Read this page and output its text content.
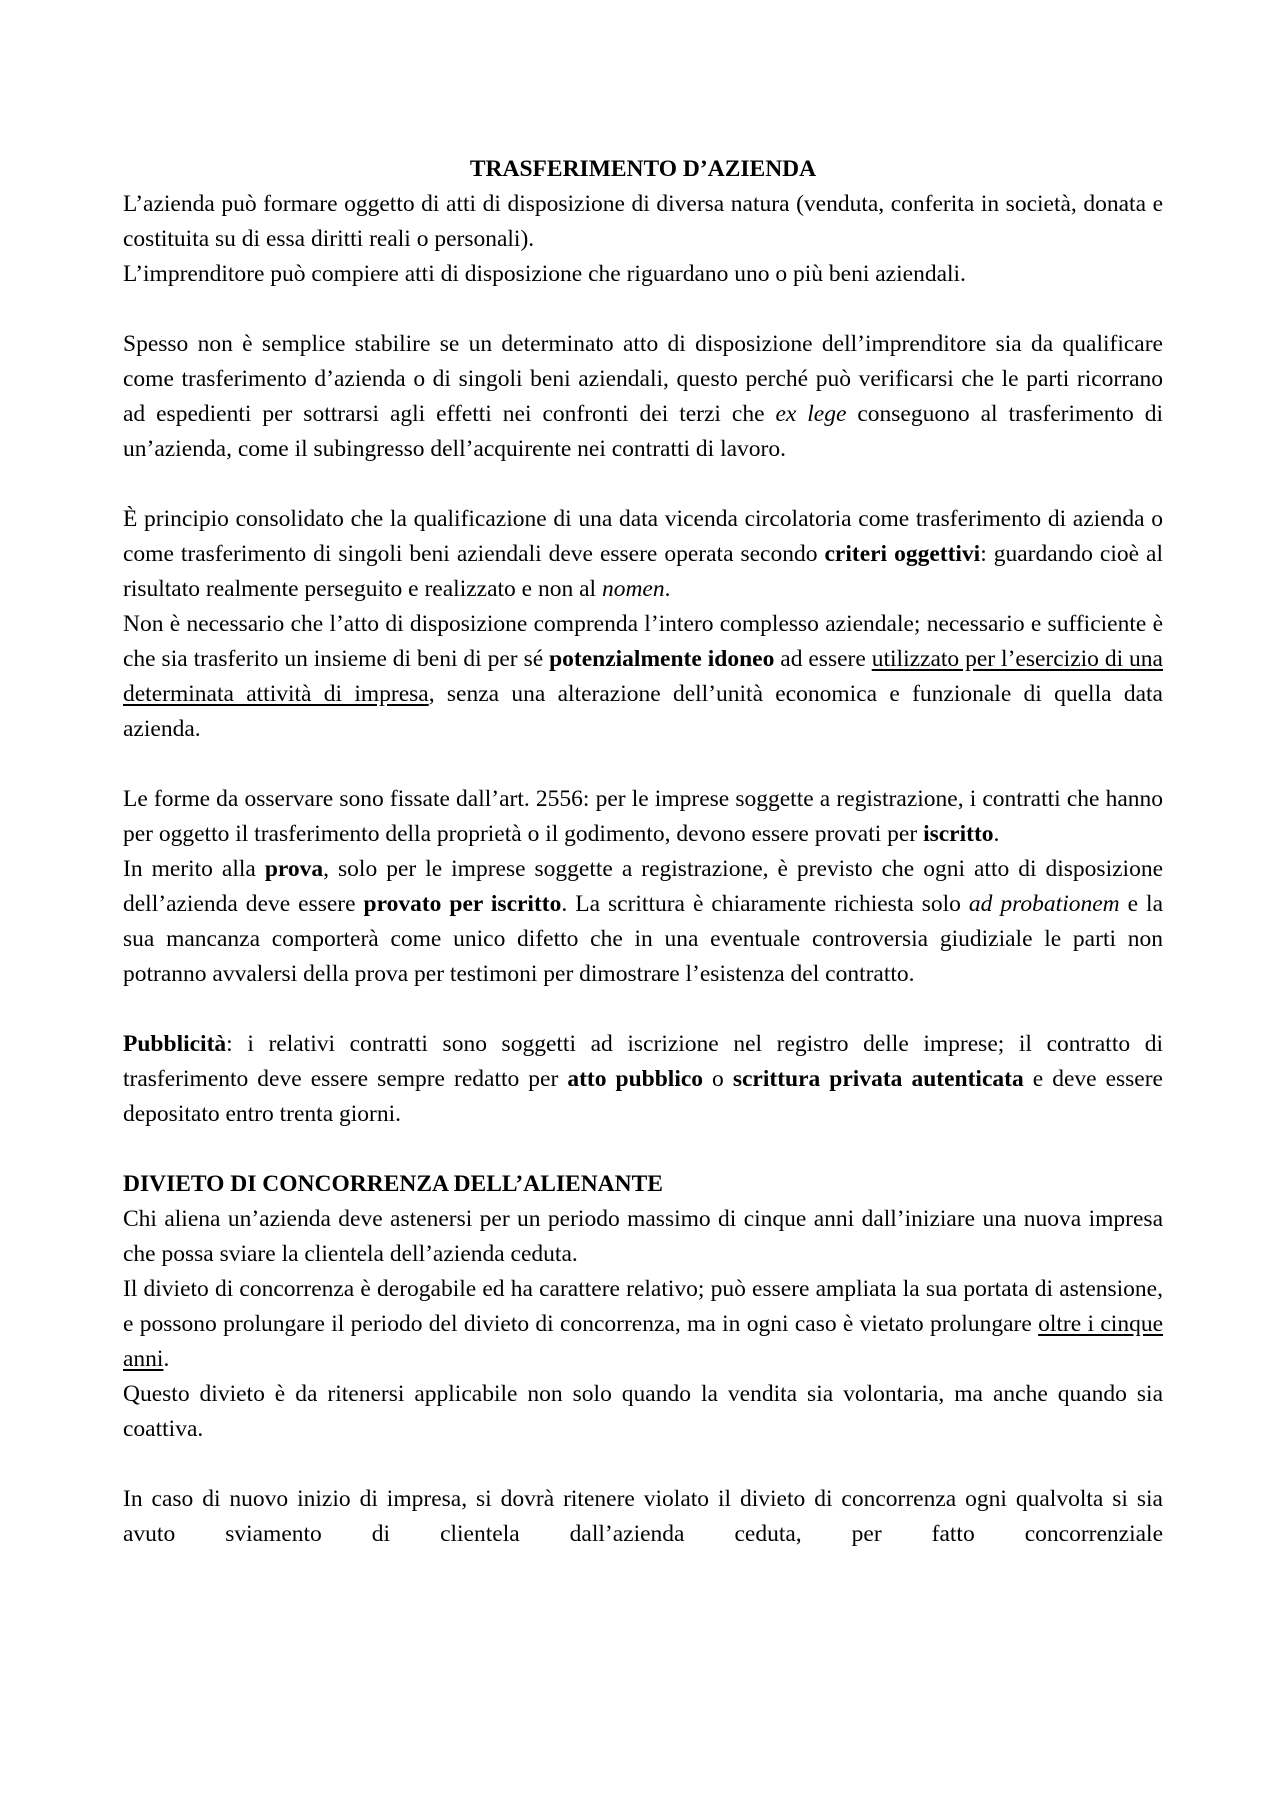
TRASFERIMENTO D’AZIENDA

L’azienda può formare oggetto di atti di disposizione di diversa natura (venduta, conferita in società, donata e costituita su di essa diritti reali o personali).

L’imprenditore può compiere atti di disposizione che riguardano uno o più beni aziendali.

Spesso non è semplice stabilire se un determinato atto di disposizione dell’imprenditore sia da qualificare come trasferimento d’azienda o di singoli beni aziendali, questo perché può verificarsi che le parti ricorrano ad espedienti per sottrarsi agli effetti nei confronti dei terzi che ex lege conseguono al trasferimento di un’azienda, come il subingresso dell’acquirente nei contratti di lavoro.

È principio consolidato che la qualificazione di una data vicenda circolatoria come trasferimento di azienda o come trasferimento di singoli beni aziendali deve essere operata secondo criteri oggettivi: guardando cioè al risultato realmente perseguito e realizzato e non al nomen.

Non è necessario che l’atto di disposizione comprenda l’intero complesso aziendale; necessario e sufficiente è che sia trasferito un insieme di beni di per sé potenzialmente idoneo ad essere utilizzato per l’esercizio di una determinata attività di impresa, senza una alterazione dell’unità economica e funzionale di quella data azienda.

Le forme da osservare sono fissate dall’art. 2556: per le imprese soggette a registrazione, i contratti che hanno per oggetto il trasferimento della proprietà o il godimento, devono essere provati per iscritto.

In merito alla prova, solo per le imprese soggette a registrazione, è previsto che ogni atto di disposizione dell’azienda deve essere provato per iscritto. La scrittura è chiaramente richiesta solo ad probationem e la sua mancanza comporterà come unico difetto che in una eventuale controversia giudiziale le parti non potranno avvalersi della prova per testimoni per dimostrare l’esistenza del contratto.

Pubblicità: i relativi contratti sono soggetti ad iscrizione nel registro delle imprese; il contratto di trasferimento deve essere sempre redatto per atto pubblico o scrittura privata autenticata e deve essere depositato entro trenta giorni.

DIVIETO DI CONCORRENZA DELL’ALIENANTE

Chi aliena un’azienda deve astenersi per un periodo massimo di cinque anni dall’iniziare una nuova impresa che possa sviare la clientela dell’azienda ceduta.

Il divieto di concorrenza è derogabile ed ha carattere relativo; può essere ampliata la sua portata di astensione, e possono prolungare il periodo del divieto di concorrenza, ma in ogni caso è vietato prolungare oltre i cinque anni.

Questo divieto è da ritenersi applicabile non solo quando la vendita sia volontaria, ma anche quando sia coattiva.

In caso di nuovo inizio di impresa, si dovrà ritenere violato il divieto di concorrenza ogni qualvolta si sia avuto sviamento di clientela dall’azienda ceduta, per fatto concorrenziale
